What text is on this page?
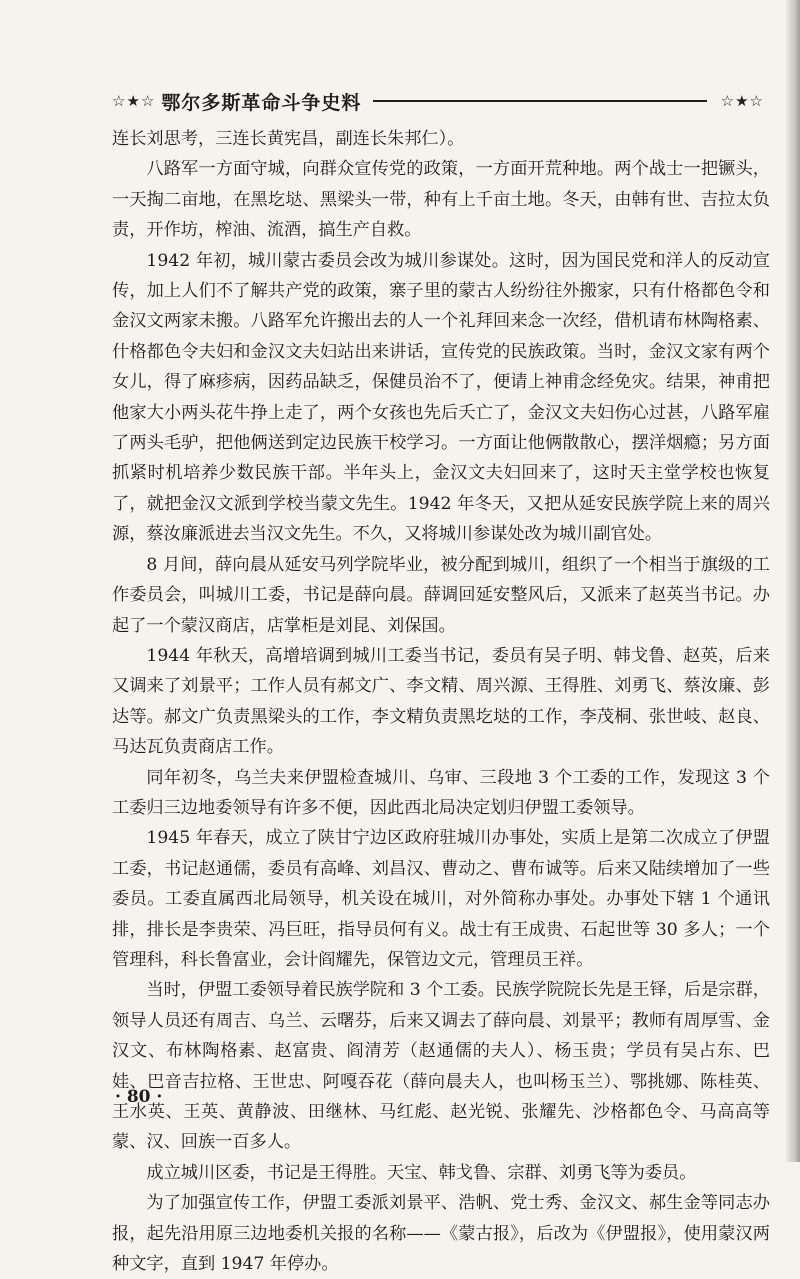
☆★☆ 鄂尔多斯革命斗争史料	☆★☆

连长刘思考，三连长黄宪昌，副连长朱邦仁）。

八路军一方面守城，向群众宣传党的政策，一方面开荒种地。两个战士一把镢头，一天掏二亩地，在黑圪垯、黑梁头一带，种有上千亩土地。冬天，由韩有世、吉拉太负责，开作坊，榨油、流酒，搞生产自救。

1942 年初，城川蒙古委员会改为城川参谋处。这时，因为国民党和洋人的反动宣传，加上人们不了解共产党的政策，寨子里的蒙古人纷纷往外搬家，只有什格都色令和金汉文两家未搬。八路军允许搬出去的人一个礼拜回来念一次经，借机请布林陶格素、什格都色令夫妇和金汉文夫妇站出来讲话，宣传党的民族政策。当时，金汉文家有两个女儿，得了麻疹病，因药品缺乏，保健员治不了，便请上神甫念经免灾。结果，神甫把他家大小两头花牛挣上走了，两个女孩也先后夭亡了，金汉文夫妇伤心过甚，八路军雇了两头毛驴，把他俩送到定边民族干校学习。一方面让他俩散散心，摆洋烟瘾；另方面抓紧时机培养少数民族干部。半年头上，金汉文夫妇回来了，这时天主堂学校也恢复了，就把金汉文派到学校当蒙文先生。1942 年冬天，又把从延安民族学院上来的周兴源，蔡汝廉派进去当汉文先生。不久，又将城川参谋处改为城川副官处。

8 月间，薛向晨从延安马列学院毕业，被分配到城川，组织了一个相当于旗级的工作委员会，叫城川工委，书记是薛向晨。薛调回延安整风后，又派来了赵英当书记。办起了一个蒙汉商店，店掌柜是刘昆、刘保国。

1944 年秋天，高增培调到城川工委当书记，委员有吴子明、韩戈鲁、赵英，后来又调来了刘景平；工作人员有郝文广、李文精、周兴源、王得胜、刘勇飞、蔡汝廉、彭达等。郝文广负责黑梁头的工作，李文精负责黑圪垯的工作，李茂桐、张世岐、赵良、马达瓦负责商店工作。

同年初冬，乌兰夫来伊盟检查城川、乌审、三段地 3 个工委的工作，发现这 3 个工委归三边地委领导有许多不便，因此西北局决定划归伊盟工委领导。

1945 年春天，成立了陕甘宁边区政府驻城川办事处，实质上是第二次成立了伊盟工委，书记赵通儒，委员有高峰、刘昌汉、曹动之、曹布诚等。后来又陆续增加了一些委员。工委直属西北局领导，机关设在城川，对外简称办事处。办事处下辖 1 个通讯排，排长是李贵荣、冯巨旺，指导员何有义。战士有王成贵、石起世等 30 多人；一个管理科，科长鲁富业，会计阎耀先，保管边文元，管理员王祥。

当时，伊盟工委领导着民族学院和 3 个工委。民族学院院长先是王铎，后是宗群，领导人员还有周吉、乌兰、云曙芬，后来又调去了薛向晨、刘景平；教师有周厚雪、金汉文、布林陶格素、赵富贵、阎清芳（赵通儒的夫人）、杨玉贵；学员有吴占东、巴娃、巴音吉拉格、王世忠、阿嘎吞花（薛向晨夫人，也叫杨玉兰）、鄂挑娜、陈桂英、王水英、王英、黄静波、田继林、马红彪、赵光锐、张耀先、沙格都色令、马高高等蒙、汉、回族一百多人。

成立城川区委，书记是王得胜。天宝、韩戈鲁、宗群、刘勇飞等为委员。

为了加强宣传工作，伊盟工委派刘景平、浩帆、党士秀、金汉文、郝生金等同志办报，起先沿用原三边地委机关报的名称——《蒙古报》，后改为《伊盟报》，使用蒙汉两种文字，直到 1947 年停办。

· 80 ·
